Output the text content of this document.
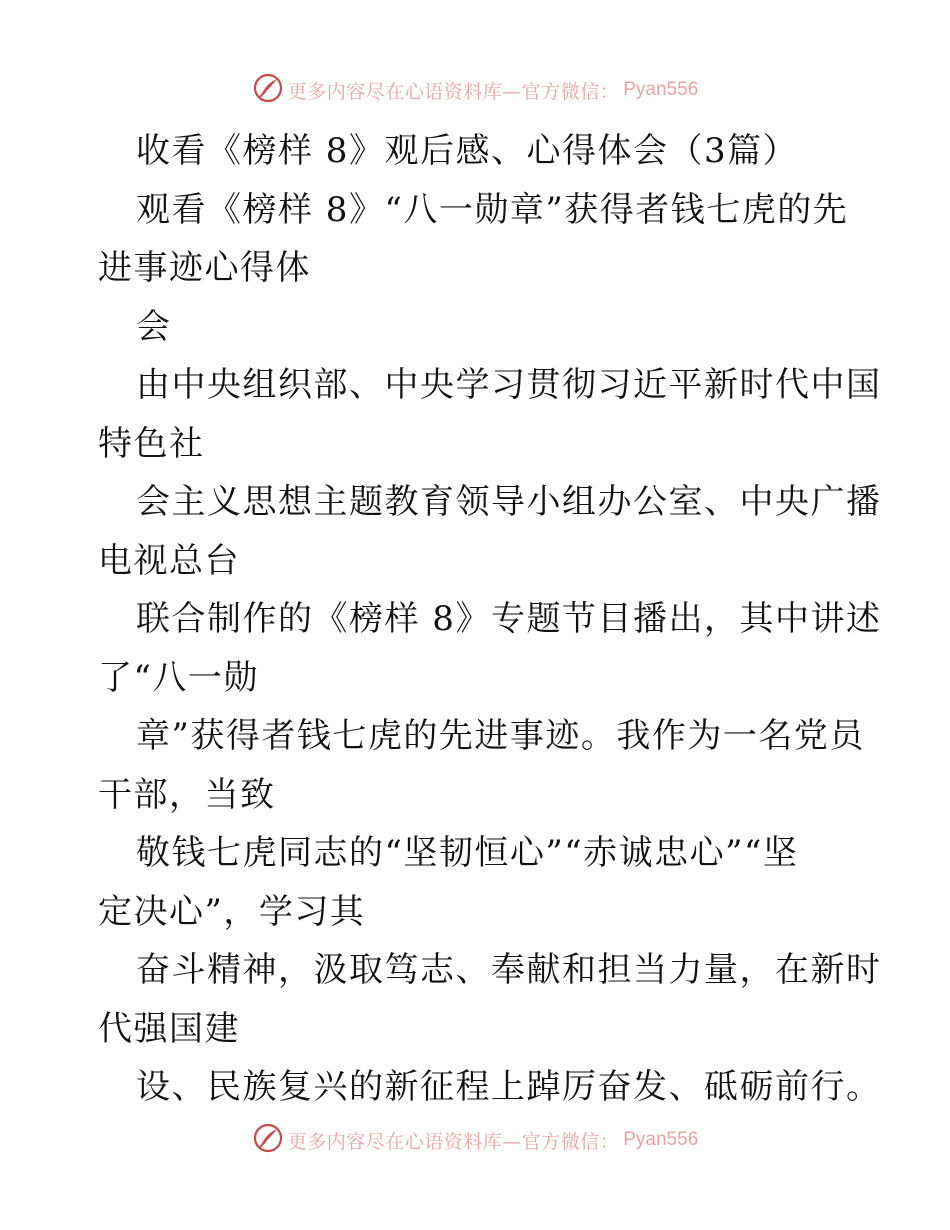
更多内容尽在心语资料库—官方微信： Pyan556
收看《榜样 8》观后感、心得体会（3篇）
观看《榜样 8》“八一勋章”获得者钱七虎的先
进事迹心得体
会
由中央组织部、中央学习贯彻习近平新时代中国
特色社
会主义思想主题教育领导小组办公室、中央广播
电视总台
联合制作的《榜样 8》专题节目播出，其中讲述
了“八一勋
章”获得者钱七虎的先进事迹。我作为一名党员
干部，当致
敬钱七虎同志的“坚韧恒心”“赤诚忠心”“坚
定决心”，学习其
奋斗精神，汲取笃志、奉献和担当力量，在新时
代强国建
设、民族复兴的新征程上踔厉奋发、砥砺前行。
更多内容尽在心语资料库—官方微信： Pyan556
